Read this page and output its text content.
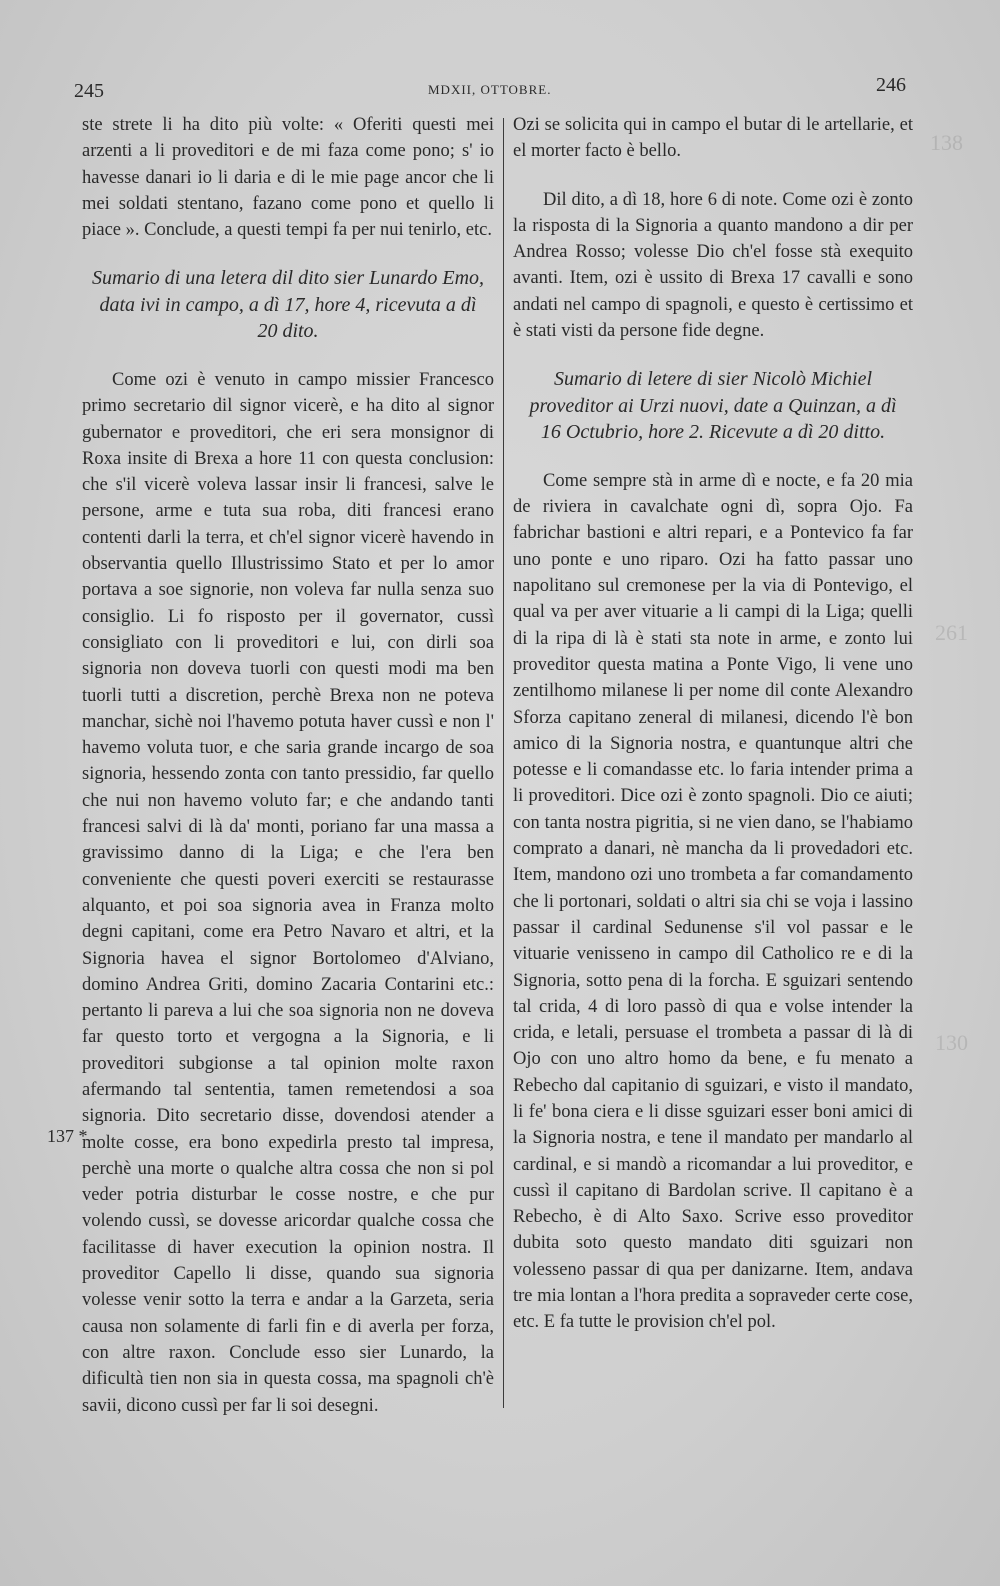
138
261
130
245	MDXII, OTTOBRE.	246
137 *

ste strete li ha dito più volte: « Oferiti questi mei arzenti a li proveditori e de mi faza come pono; s' io havesse danari io li daria e di le mie page ancor che li mei soldati stentano, fazano come pono et quello li piace ». Conclude, a questi tempi fa per nui tenirlo, etc.

Sumario di una letera dil dito sier Lunardo Emo, data ivi in campo, a dì 17, hore 4, ricevuta a dì 20 dito.

Come ozi è venuto in campo missier Francesco primo secretario dil signor vicerè, e ha dito al signor gubernator e proveditori, che eri sera monsignor di Roxa insite di Brexa a hore 11 con questa conclusion: che s'il vicerè voleva lassar insir li francesi, salve le persone, arme e tuta sua roba, diti francesi erano contenti darli la terra, et ch'el signor vicerè havendo in observantia quello Illustrissimo Stato et per lo amor portava a soe signorie, non voleva far nulla senza suo consiglio. Li fo risposto per il governator, cussì consigliato con li proveditori e lui, con dirli soa signoria non doveva tuorli con questi modi ma ben tuorli tutti a discretion, perchè Brexa non ne poteva manchar, sichè noi l'havemo potuta haver cussì e non l' havemo voluta tuor, e che saria grande incargo de soa signoria, hessendo zonta con tanto pressidio, far quello che nui non havemo voluto far; e che andando tanti francesi salvi di là da' monti, poriano far una massa a gravissimo danno di la Liga; e che l'era ben conveniente che questi poveri exerciti se restaurasse alquanto, et poi soa signoria avea in Franza molto degni capitani, come era Petro Navaro et altri, et la Signoria havea el signor Bortolomeo d'Alviano, domino Andrea Griti, domino Zacaria Contarini etc.: pertanto li pareva a lui che soa signoria non ne doveva far questo torto et vergogna a la Signoria, e li proveditori subgionse a tal opinion molte raxon afermando tal sententia, tamen remetendosi a soa signoria. Dito secretario disse, dovendosi atender a molte cosse, era bono expedirla presto tal impresa, perchè una morte o qualche altra cossa che non si pol veder potria disturbar le cosse nostre, e che pur volendo cussì, se dovesse aricordar qualche cossa che facilitasse di haver execution la opinion nostra. Il proveditor Capello li disse, quando sua signoria volesse venir sotto la terra e andar a la Garzeta, seria causa non solamente di farli fin e di averla per forza, con altre raxon. Conclude esso sier Lunardo, la dificultà tien non sia in questa cossa, ma spagnoli ch'è savii, dicono cussì per far li soi desegni.

Ozi se solicita qui in campo el butar di le artellarie, et el morter facto è bello.

Dil dito, a dì 18, hore 6 di note. Come ozi è zonto la risposta di la Signoria a quanto mandono a dir per Andrea Rosso; volesse Dio ch'el fosse stà exequito avanti. Item, ozi è ussito di Brexa 17 cavalli e sono andati nel campo di spagnoli, e questo è certissimo et è stati visti da persone fide degne.

Sumario di letere di sier Nicolò Michiel proveditor ai Urzi nuovi, date a Quinzan, a dì 16 Octubrio, hore 2. Ricevute a dì 20 ditto.

Come sempre stà in arme dì e nocte, e fa 20 mia de riviera in cavalchate ogni dì, sopra Ojo. Fa fabrichar bastioni e altri repari, e a Pontevico fa far uno ponte e uno riparo. Ozi ha fatto passar uno napolitano sul cremonese per la via di Pontevigo, el qual va per aver vituarie a li campi di la Liga; quelli di la ripa di là è stati sta note in arme, e zonto lui proveditor questa matina a Ponte Vigo, li vene uno zentilhomo milanese li per nome dil conte Alexandro Sforza capitano zeneral di milanesi, dicendo l'è bon amico di la Signoria nostra, e quantunque altri che potesse e li comandasse etc. lo faria intender prima a li proveditori. Dice ozi è zonto spagnoli. Dio ce aiuti; con tanta nostra pigritia, si ne vien dano, se l'habiamo comprato a danari, nè mancha da li provedadori etc. Item, mandono ozi uno trombeta a far comandamento che li portonari, soldati o altri sia chi se voja i lassino passar il cardinal Sedunense s'il vol passar e le vituarie venisseno in campo dil Catholico re e di la Signoria, sotto pena di la forcha. E sguizari sentendo tal crida, 4 di loro passò di qua e volse intender la crida, e letali, persuase el trombeta a passar di là di Ojo con uno altro homo da bene, e fu menato a Rebecho dal capitanio di sguizari, e visto il mandato, li fe' bona ciera e li disse sguizari esser boni amici di la Signoria nostra, e tene il mandato per mandarlo al cardinal, e si mandò a ricomandar a lui proveditor, e cussì il capitano di Bardolan scrive. Il capitano è a Rebecho, è di Alto Saxo. Scrive esso proveditor dubita soto questo mandato diti sguizari non volesseno passar di qua per danizarne. Item, andava tre mia lontan a l'hora predita a sopraveder certe cose, etc. E fa tutte le provision ch'el pol.
